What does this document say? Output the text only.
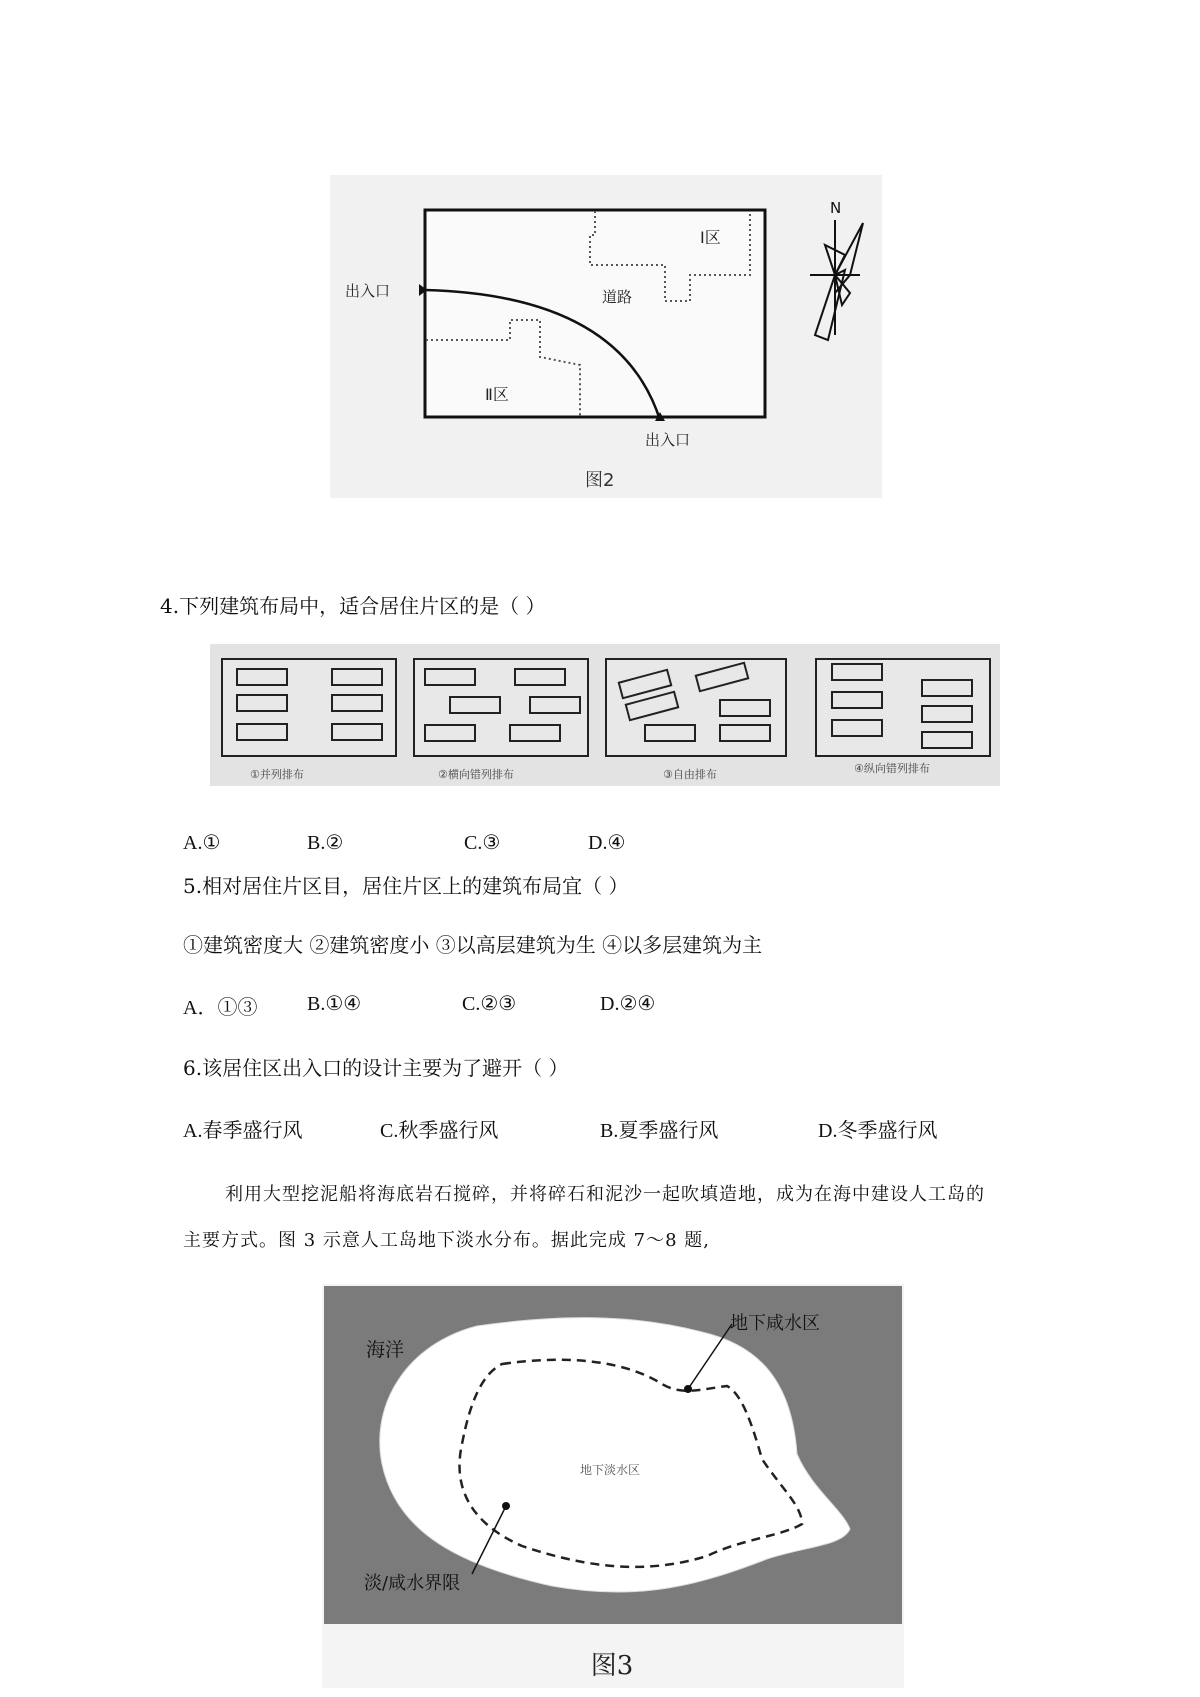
Ⅰ区
Ⅱ区
道路
出入口
出入口
图2
N
4.下列建筑布局中，适合居住片区的是（ ）
①并列排布	②横向错列排布	③自由排布	④纵向错列排布
A.①	B.②	C.③	D.④
5.相对居住片区目，居住片区上的建筑布局宜（ ）
①建筑密度大 ②建筑密度小 ③以高层建筑为生 ④以多层建筑为主
A．①③ B.①④	C.②③	D.②④
6.该居住区出入口的设计主要为了避开（ ）
A.春季盛行风	C.秋季盛行风	B.夏季盛行风	D.冬季盛行风
利用大型挖泥船将海底岩石搅碎，并将碎石和泥沙一起吹填造地，成为在海中建设人工岛的
主要方式。图 3 示意人工岛地下淡水分布。据此完成 7～8 题,
海洋
地下咸水区
地下淡水区
淡/咸水界限
图3
